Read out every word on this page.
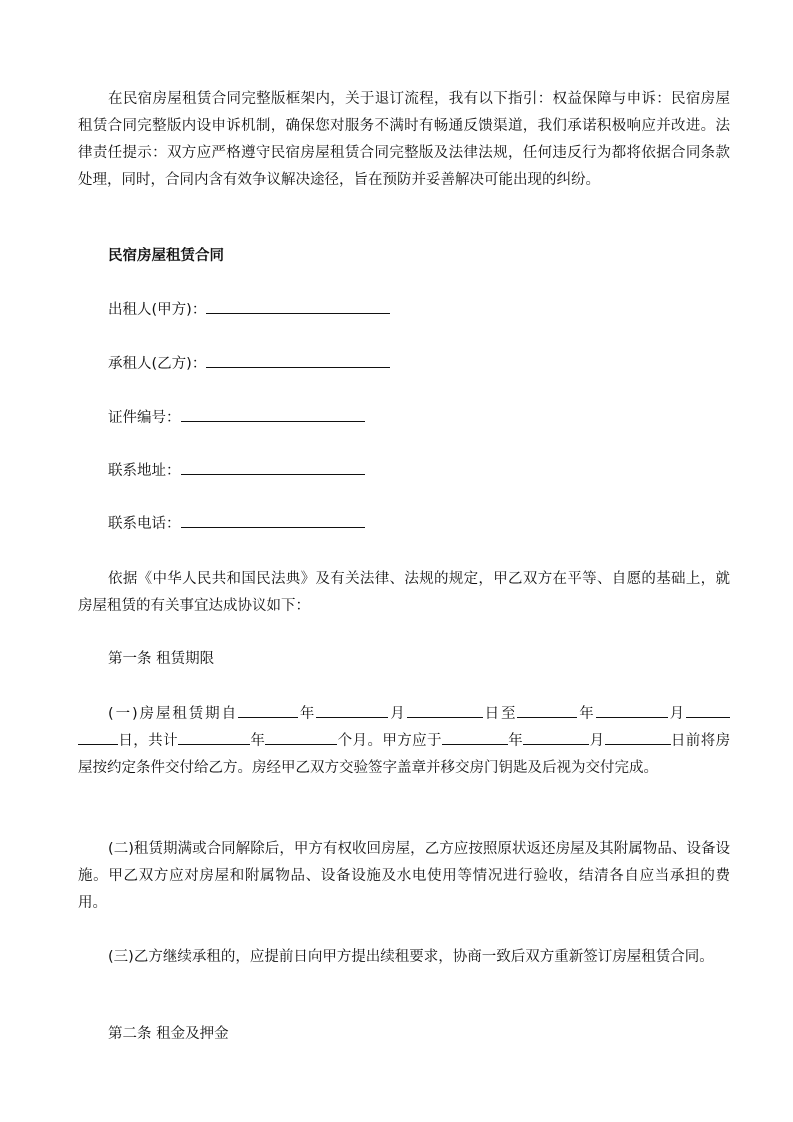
在民宿房屋租赁合同完整版框架内，关于退订流程，我有以下指引：权益保障与申诉：民宿房屋租赁合同完整版内设申诉机制，确保您对服务不满时有畅通反馈渠道，我们承诺积极响应并改进。法律责任提示：双方应严格遵守民宿房屋租赁合同完整版及法律法规，任何违反行为都将依据合同条款处理，同时，合同内含有效争议解决途径，旨在预防并妥善解决可能出现的纠纷。

民宿房屋租赁合同

出租人(甲方)：

承租人(乙方)：

证件编号：

联系地址：

联系电话：

依据《中华人民共和国民法典》及有关法律、法规的规定，甲乙双方在平等、自愿的基础上，就房屋租赁的有关事宜达成协议如下：

第一条 租赁期限

(一)房屋租赁期自	年	月	日至	年	月日，共计	年	个月。甲方应于	年	月	日前将房屋按约定条件交付给乙方。房经甲乙双方交验签字盖章并移交房门钥匙及后视为交付完成。

(二)租赁期满或合同解除后，甲方有权收回房屋，乙方应按照原状返还房屋及其附属物品、设备设施。甲乙双方应对房屋和附属物品、设备设施及水电使用等情况进行验收，结清各自应当承担的费用。

(三)乙方继续承租的，应提前日向甲方提出续租要求，协商一致后双方重新签订房屋租赁合同。

第二条 租金及押金
